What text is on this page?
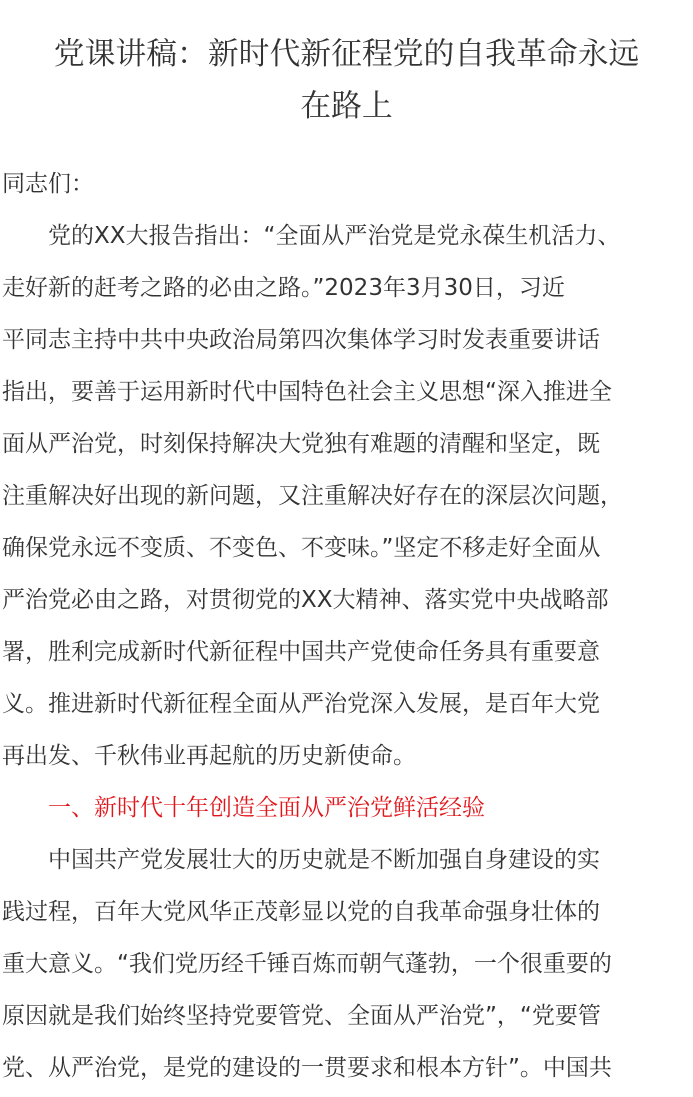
党课讲稿：新时代新征程党的自我革命永远
在路上
同志们：
　　党的XX大报告指出：“全面从严治党是党永葆生机活力、
走好新的赶考之路的必由之路。”2023年3月30日，习近
平同志主持中共中央政治局第四次集体学习时发表重要讲话
指出，要善于运用新时代中国特色社会主义思想“深入推进全
面从严治党，时刻保持解决大党独有难题的清醒和坚定，既
注重解决好出现的新问题，又注重解决好存在的深层次问题，
确保党永远不变质、不变色、不变味。”坚定不移走好全面从
严治党必由之路，对贯彻党的XX大精神、落实党中央战略部
署，胜利完成新时代新征程中国共产党使命任务具有重要意
义。推进新时代新征程全面从严治党深入发展，是百年大党
再出发、千秋伟业再起航的历史新使命。
　　一、新时代十年创造全面从严治党鲜活经验
　　中国共产党发展壮大的历史就是不断加强自身建设的实
践过程，百年大党风华正茂彰显以党的自我革命强身壮体的
重大意义。“我们党历经千锤百炼而朝气蓬勃，一个很重要的
原因就是我们始终坚持党要管党、全面从严治党”，“党要管
党、从严治党，是党的建设的一贯要求和根本方针”。中国共
